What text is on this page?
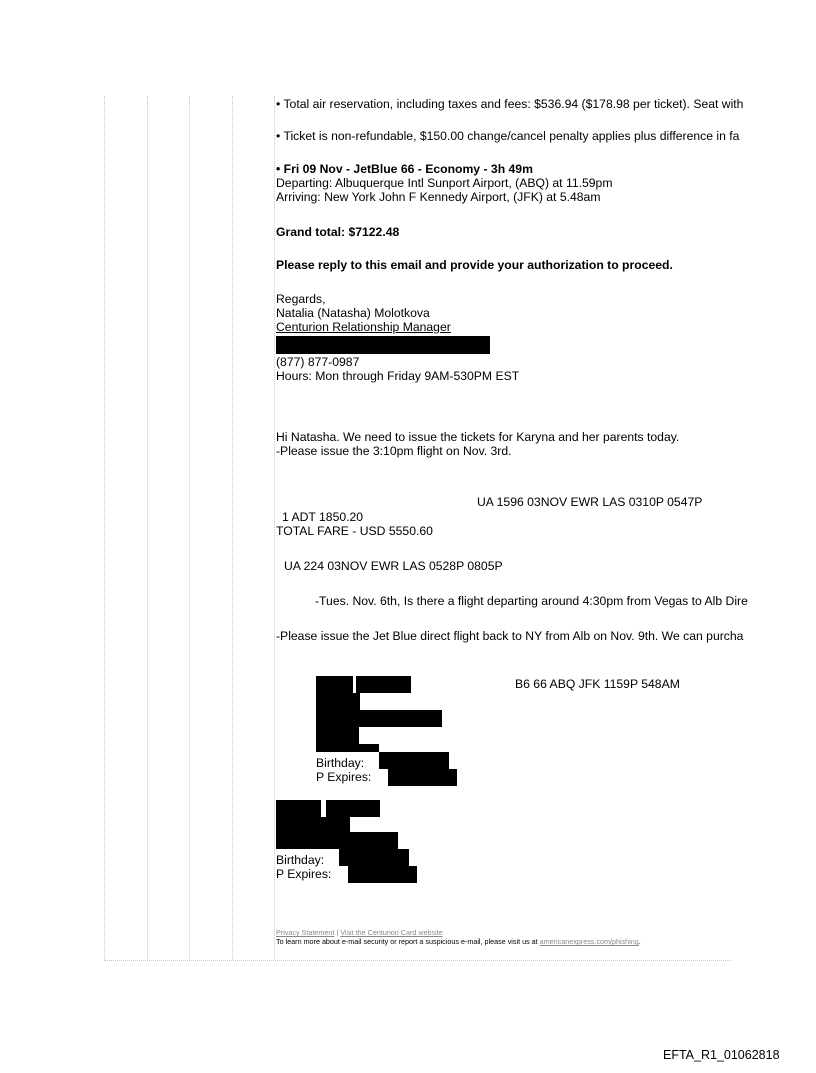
• Total air reservation, including taxes and fees: $536.94 ($178.98 per ticket). Seat with
• Ticket is non-refundable, $150.00 change/cancel penalty applies plus difference in fa
• Fri 09 Nov - JetBlue 66 - Economy - 3h 49m
Departing: Albuquerque Intl Sunport Airport, (ABQ) at 11.59pm
Arriving: New York John F Kennedy Airport, (JFK) at 5.48am
Grand total: $7122.48
Please reply to this email and provide your authorization to proceed.
Regards,
Natalia (Natasha) Molotkova
Centurion Relationship Manager
(877) 877-0987
Hours: Mon through Friday 9AM-530PM EST
Hi Natasha. We need to issue the tickets for Karyna and her parents today.
-Please issue the 3:10pm flight on Nov. 3rd.
UA 1596 03NOV EWR LAS 0310P 0547P
1 ADT 1850.20
TOTAL FARE - USD 5550.60
UA 224 03NOV EWR LAS 0528P 0805P
-Tues. Nov. 6th, Is there a flight departing around 4:30pm from Vegas to Alb Dire
-Please issue the Jet Blue direct flight back to NY from Alb on Nov. 9th. We can purcha
B6 66 ABQ JFK 1159P 548AM
Birthday:
P Expires:
Birthday:
P Expires:
Privacy Statement | Visit the Centurion Card website
To learn more about e-mail security or report a suspicious e-mail, please visit us at americanexpress.com/phishing.
EFTA_R1_01062818
